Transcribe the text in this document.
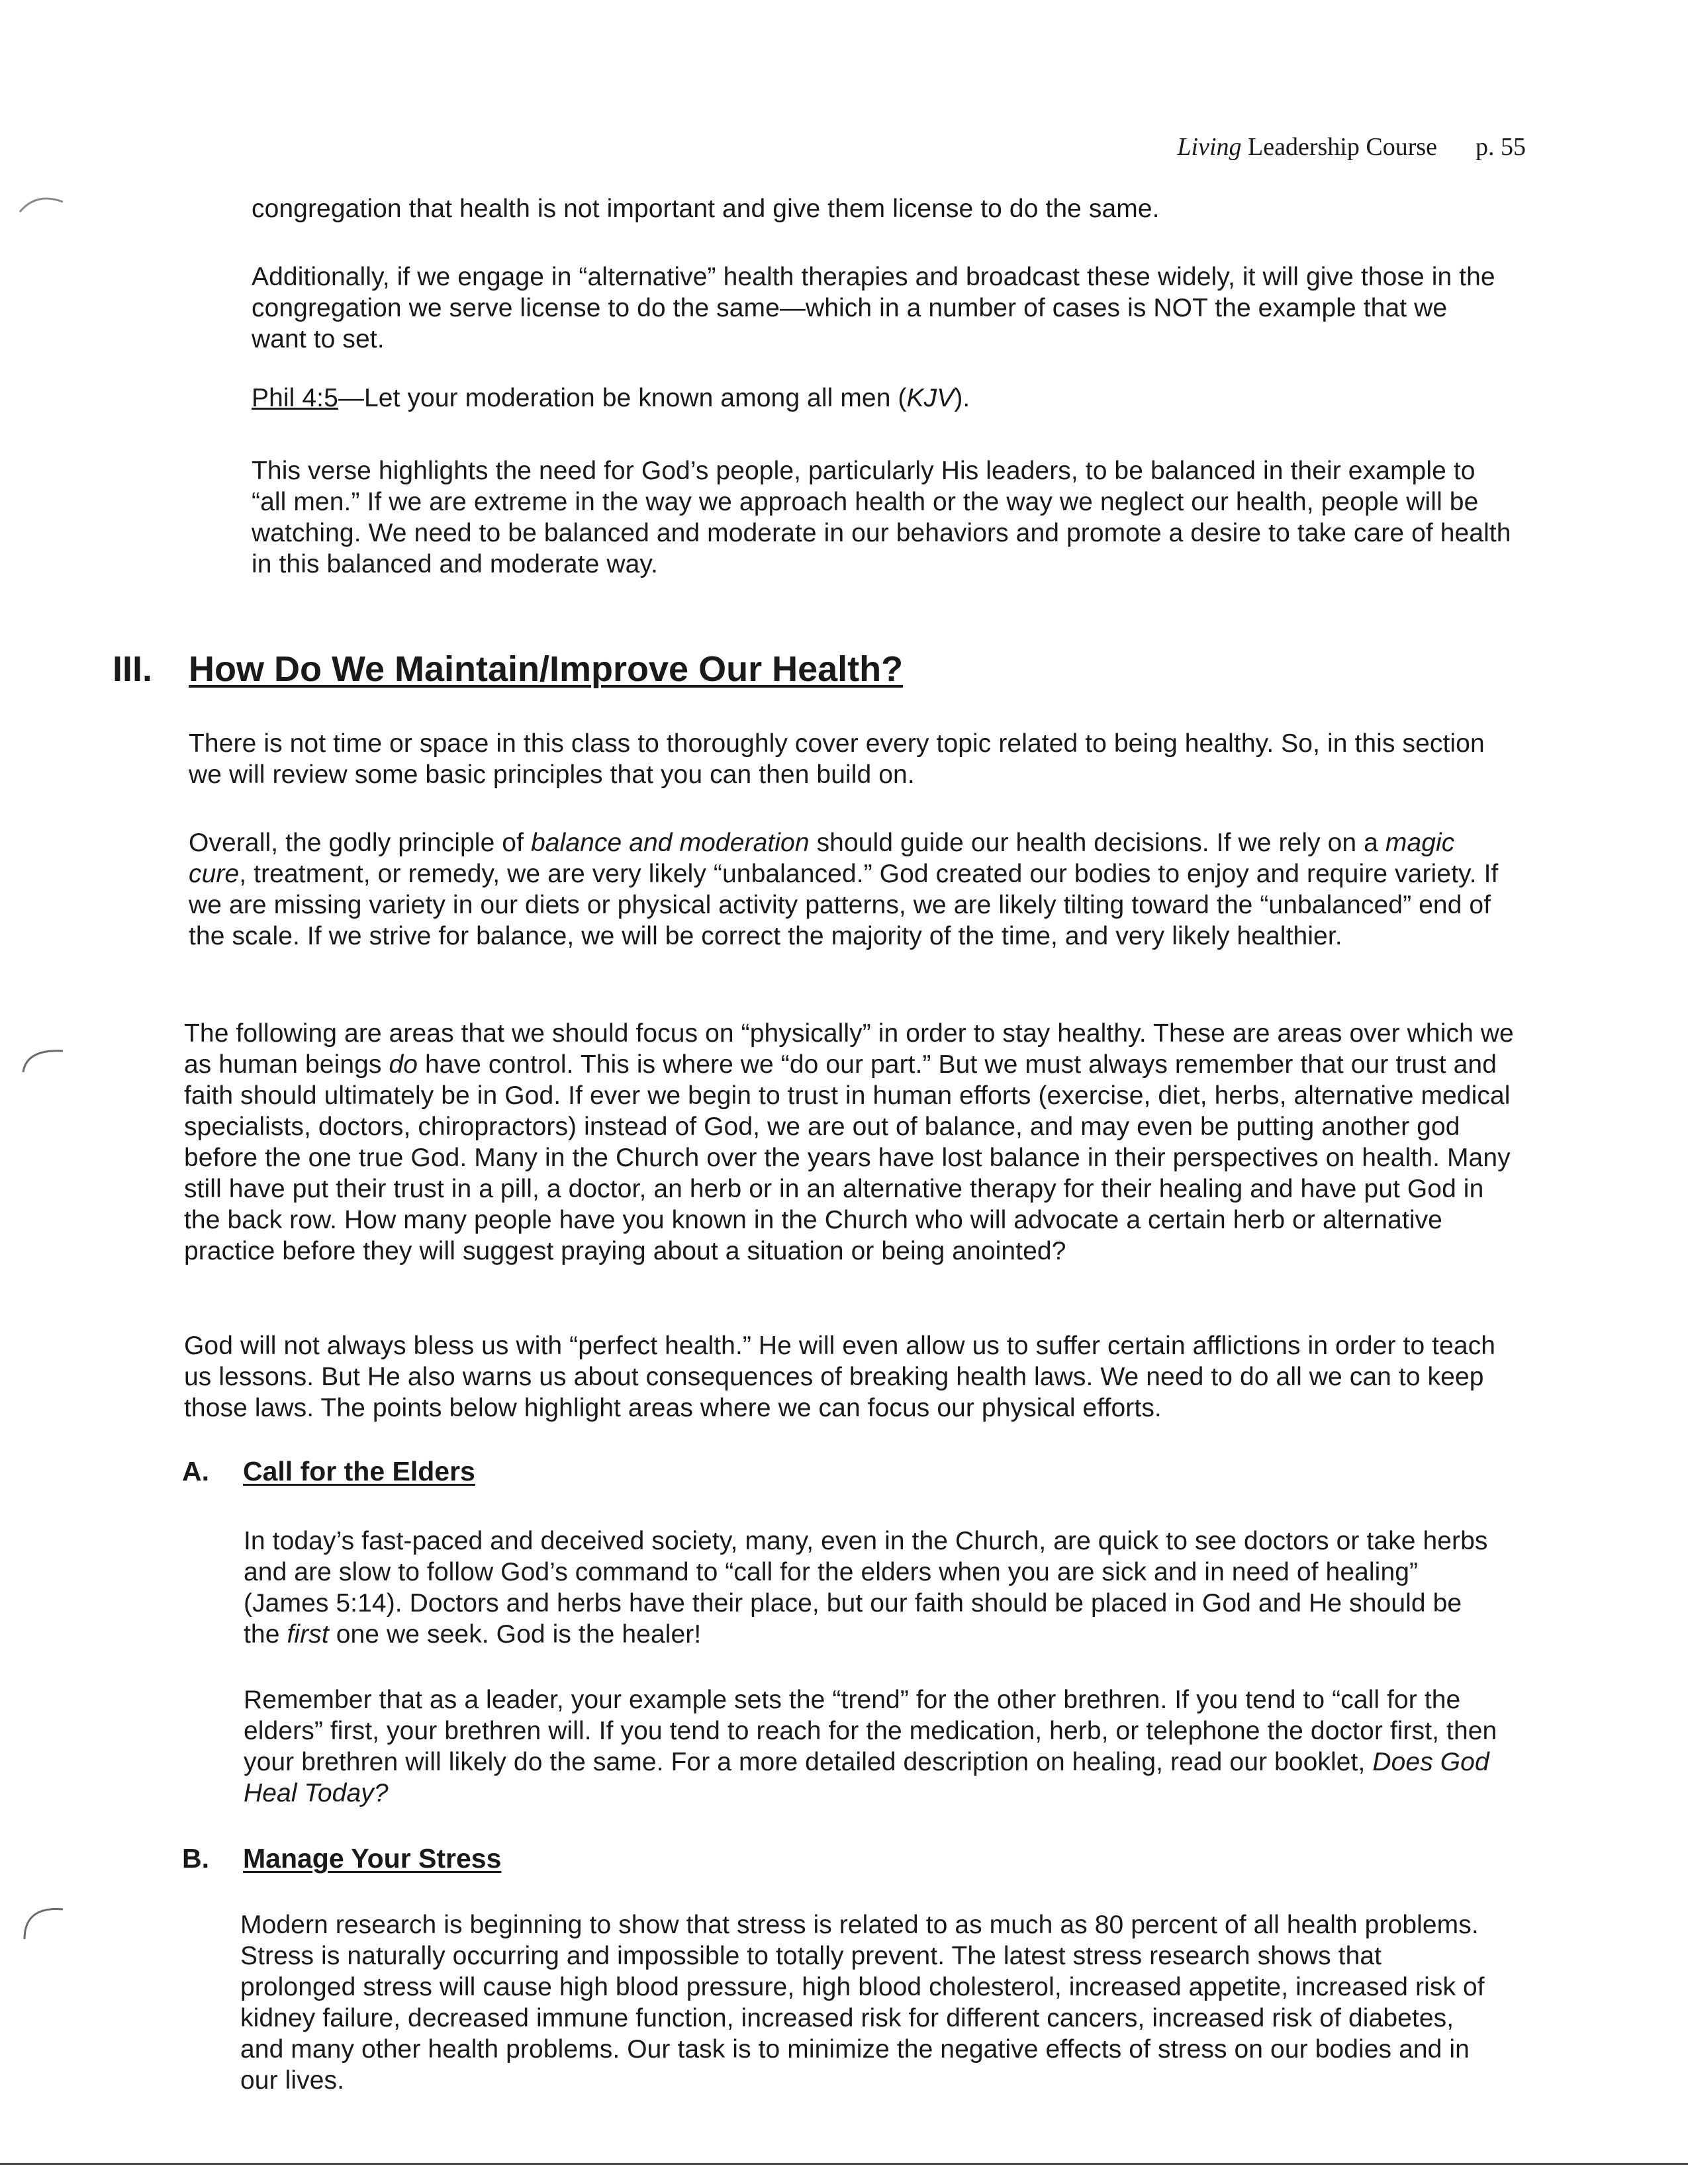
Living Leadership Course p. 55

congregation that health is not important and give them license to do the same.

Additionally, if we engage in “alternative” health therapies and broadcast these widely, it will give those in the congregation we serve license to do the same—which in a number of cases is NOT the example that we want to set.

Phil 4:5—Let your moderation be known among all men (KJV).

This verse highlights the need for God’s people, particularly His leaders, to be balanced in their example to “all men.” If we are extreme in the way we approach health or the way we neglect our health, people will be watching. We need to be balanced and moderate in our behaviors and promote a desire to take care of health in this balanced and moderate way.

III. How Do We Maintain/Improve Our Health?

There is not time or space in this class to thoroughly cover every topic related to being healthy. So, in this section we will review some basic principles that you can then build on.

Overall, the godly principle of balance and moderation should guide our health decisions. If we rely on a magic cure, treatment, or remedy, we are very likely “unbalanced.” God created our bodies to enjoy and require variety. If we are missing variety in our diets or physical activity patterns, we are likely tilting toward the “unbalanced” end of the scale. If we strive for balance, we will be correct the majority of the time, and very likely healthier.

The following are areas that we should focus on “physically” in order to stay healthy. These are areas over which we as human beings do have control. This is where we “do our part.” But we must always remember that our trust and faith should ultimately be in God. If ever we begin to trust in human efforts (exercise, diet, herbs, alternative medical specialists, doctors, chiropractors) instead of God, we are out of balance, and may even be putting another god before the one true God. Many in the Church over the years have lost balance in their perspectives on health. Many still have put their trust in a pill, a doctor, an herb or in an alternative therapy for their healing and have put God in the back row. How many people have you known in the Church who will advocate a certain herb or alternative practice before they will suggest praying about a situation or being anointed?

God will not always bless us with “perfect health.” He will even allow us to suffer certain afflictions in order to teach us lessons. But He also warns us about consequences of breaking health laws. We need to do all we can to keep those laws. The points below highlight areas where we can focus our physical efforts.

A. Call for the Elders

In today’s fast-paced and deceived society, many, even in the Church, are quick to see doctors or take herbs and are slow to follow God’s command to “call for the elders when you are sick and in need of healing” (James 5:14). Doctors and herbs have their place, but our faith should be placed in God and He should be the first one we seek. God is the healer!

Remember that as a leader, your example sets the “trend” for the other brethren. If you tend to “call for the elders” first, your brethren will. If you tend to reach for the medication, herb, or telephone the doctor first, then your brethren will likely do the same. For a more detailed description on healing, read our booklet, Does God Heal Today?

B. Manage Your Stress

Modern research is beginning to show that stress is related to as much as 80 percent of all health problems. Stress is naturally occurring and impossible to totally prevent. The latest stress research shows that prolonged stress will cause high blood pressure, high blood cholesterol, increased appetite, increased risk of kidney failure, decreased immune function, increased risk for different cancers, increased risk of diabetes, and many other health problems. Our task is to minimize the negative effects of stress on our bodies and in our lives.
